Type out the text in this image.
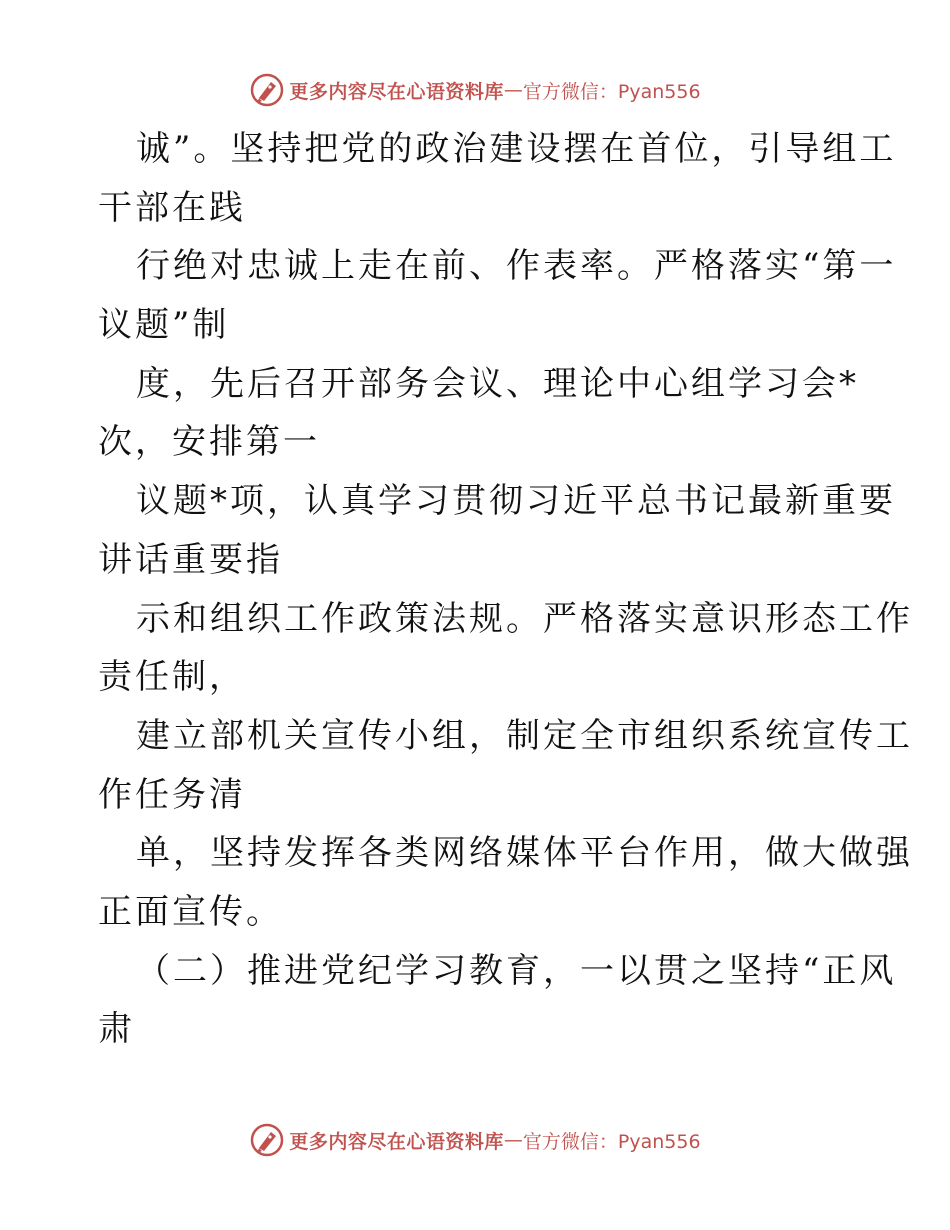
更多内容尽在心语资料库 — 官方微信：Pyan556
诚”。坚持把党的政治建设摆在首位，引导组工
干部在践
行绝对忠诚上走在前、作表率。严格落实“第一
议题”制
度，先后召开部务会议、理论中心组学习会*
次，安排第一
议题*项，认真学习贯彻习近平总书记最新重要
讲话重要指
示和组织工作政策法规。严格落实意识形态工作
责任制，
建立部机关宣传小组，制定全市组织系统宣传工
作任务清
单，坚持发挥各类网络媒体平台作用，做大做强
正面宣传。
（二）推进党纪学习教育，一以贯之坚持“正风
肃
更多内容尽在心语资料库 — 官方微信：Pyan556
